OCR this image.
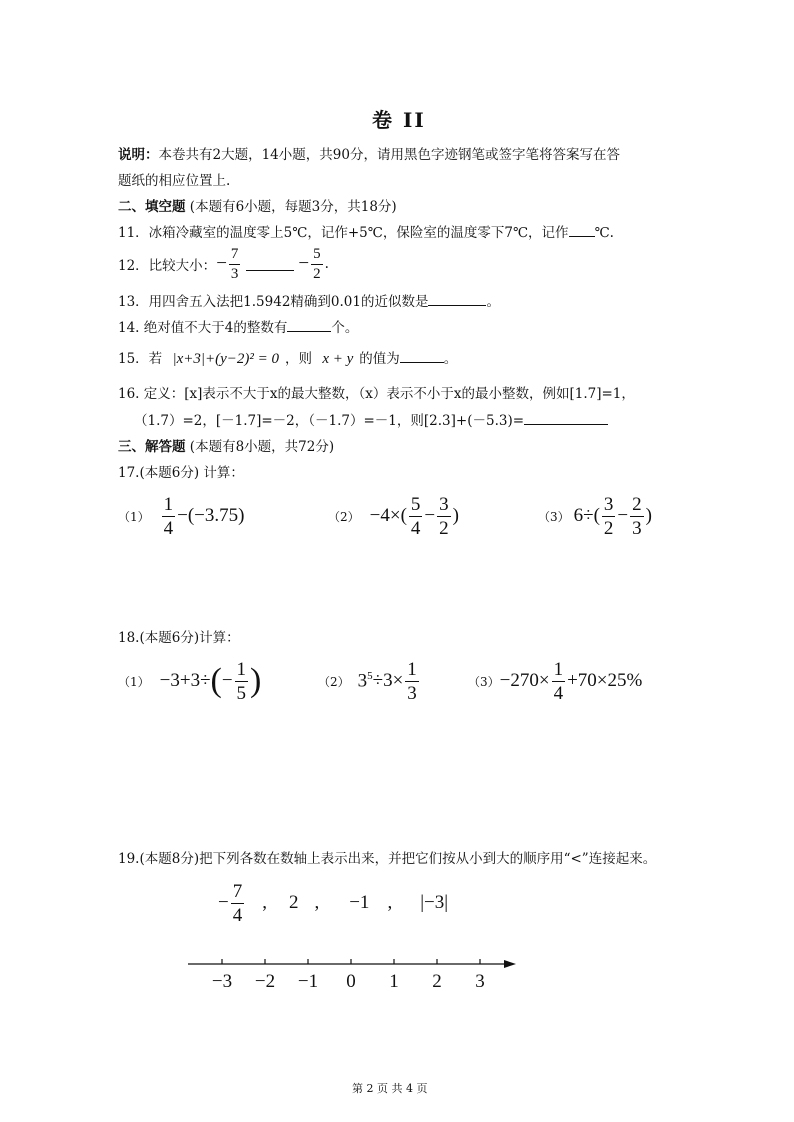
卷 II
说明：本卷共有2大题，14小题，共90分，请用黑色字迹钢笔或签字笔将答案写在答
题纸的相应位置上.
二、填空题 (本题有6小题，每题3分，共18分)
11．冰箱冷藏室的温度零上5℃，记作+5℃，保险室的温度零下7℃，记作 ℃.
12．比较大小： − $\frac{7}{3}$	− $\frac{5}{2}$ .
13．用四舍五入法把1.5942精确到0.01的近似数是	。
14. 绝对值不大于4的整数有	个。
15．若 |x+3|+(y−2)² = 0 ，则 x + y 的值为	。
16. 定义：[x]表示不大于x的最大整数，（x）表示不小于x的最小整数，例如[1.7]=1，
（1.7）=2，[－1.7]=－2，（－1.7）=－1，则[2.3]+(－5.3)=
三、解答题 (本题有8小题，共72分)
17.(本题6分) 计算：
$(1) \frac{1}{4} -(-3.75)$	$(2) -4\times( \frac{5}{4} - \frac{3}{2}$ )	（3） $6\div( \frac{3}{2} - \frac{2}{3}$ )
18.(本题6分)计算：
（1） −3+3÷ ( − $\frac{1}{5}$ )	（2） $3^5 \div 3\times \frac{1}{3}$	$(3) -270\times \frac{1}{4} +70\times 25\%$
19.(本题8分)把下列各数在数轴上表示出来，并把它们按从小到大的顺序用“<”连接起来。
− $\frac{7}{4}$ , 2 , −1 , |−3|
−3 −2 −1 0 1 2 3
第 2 页 共 4 页
